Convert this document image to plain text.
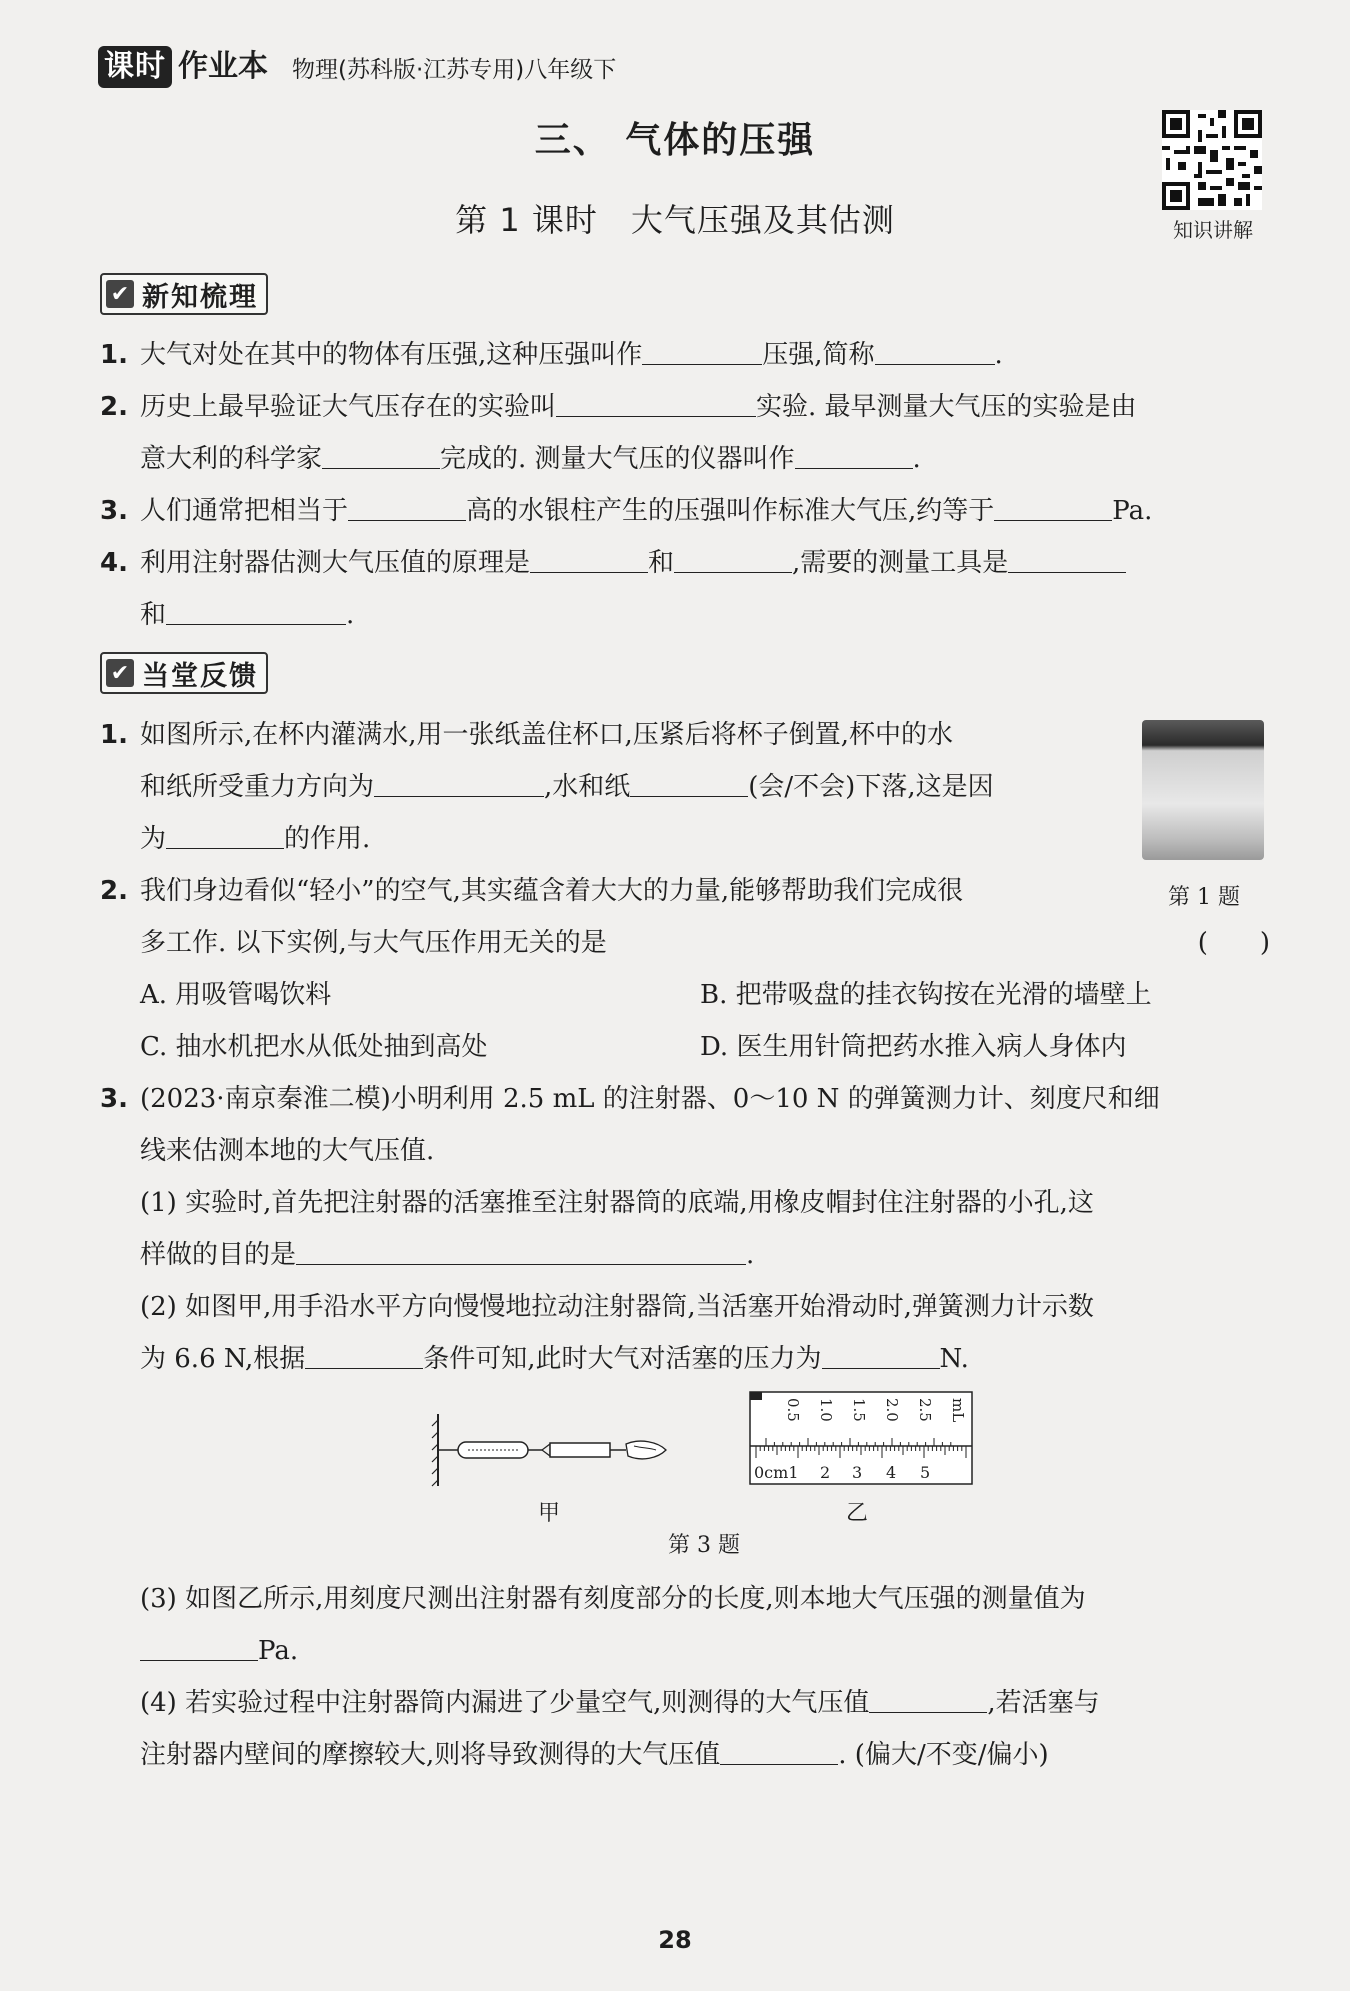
课时 作业本 物理(苏科版·江苏专用)八年级下
三、 气体的压强
第 1 课时　大气压强及其估测	知识讲解
✔ 新知梳理
1. 大气对处在其中的物体有压强,这种压强叫作	压强,简称	.
2. 历史上最早验证大气压存在的实验叫	实验. 最早测量大气压的实验是由
意大利的科学家	完成的. 测量大气压的仪器叫作	.
3. 人们通常把相当于	高的水银柱产生的压强叫作标准大气压,约等于	Pa.
4. 利用注射器估测大气压值的原理是	和	,需要的测量工具是
和	.
✔ 当堂反馈
1. 如图所示,在杯内灌满水,用一张纸盖住杯口,压紧后将杯子倒置,杯中的水
和纸所受重力方向为	,水和纸	(会/不会)下落,这是因
为	的作用.
第 1 题
2. 我们身边看似“轻小”的空气,其实蕴含着大大的力量,能够帮助我们完成很
多工作. 以下实例,与大气压作用无关的是	(　　)
A. 用吸管喝饮料	B. 把带吸盘的挂衣钩按在光滑的墙壁上
C. 抽水机把水从低处抽到高处	D. 医生用针筒把药水推入病人身体内
3. (2023·南京秦淮二模)小明利用 2.5 mL 的注射器、0～10 N 的弹簧测力计、刻度尺和细
线来估测本地的大气压值.
(1) 实验时,首先把注射器的活塞推至注射器筒的底端,用橡皮帽封住注射器的小孔,这
样做的目的是	.
(2) 如图甲,用手沿水平方向慢慢地拉动注射器筒,当活塞开始滑动时,弹簧测力计示数
为 6.6 N,根据	条件可知,此时大气对活塞的压力为	N.
甲
0.5 1.0 1.5 2.0 2.5 mL
0cm1 2 3 4 5
乙
第 3 题
(3) 如图乙所示,用刻度尺测出注射器有刻度部分的长度,则本地大气压强的测量值为
Pa.
(4) 若实验过程中注射器筒内漏进了少量空气,则测得的大气压值	,若活塞与
注射器内壁间的摩擦较大,则将导致测得的大气压值	. (偏大/不变/偏小)
28
